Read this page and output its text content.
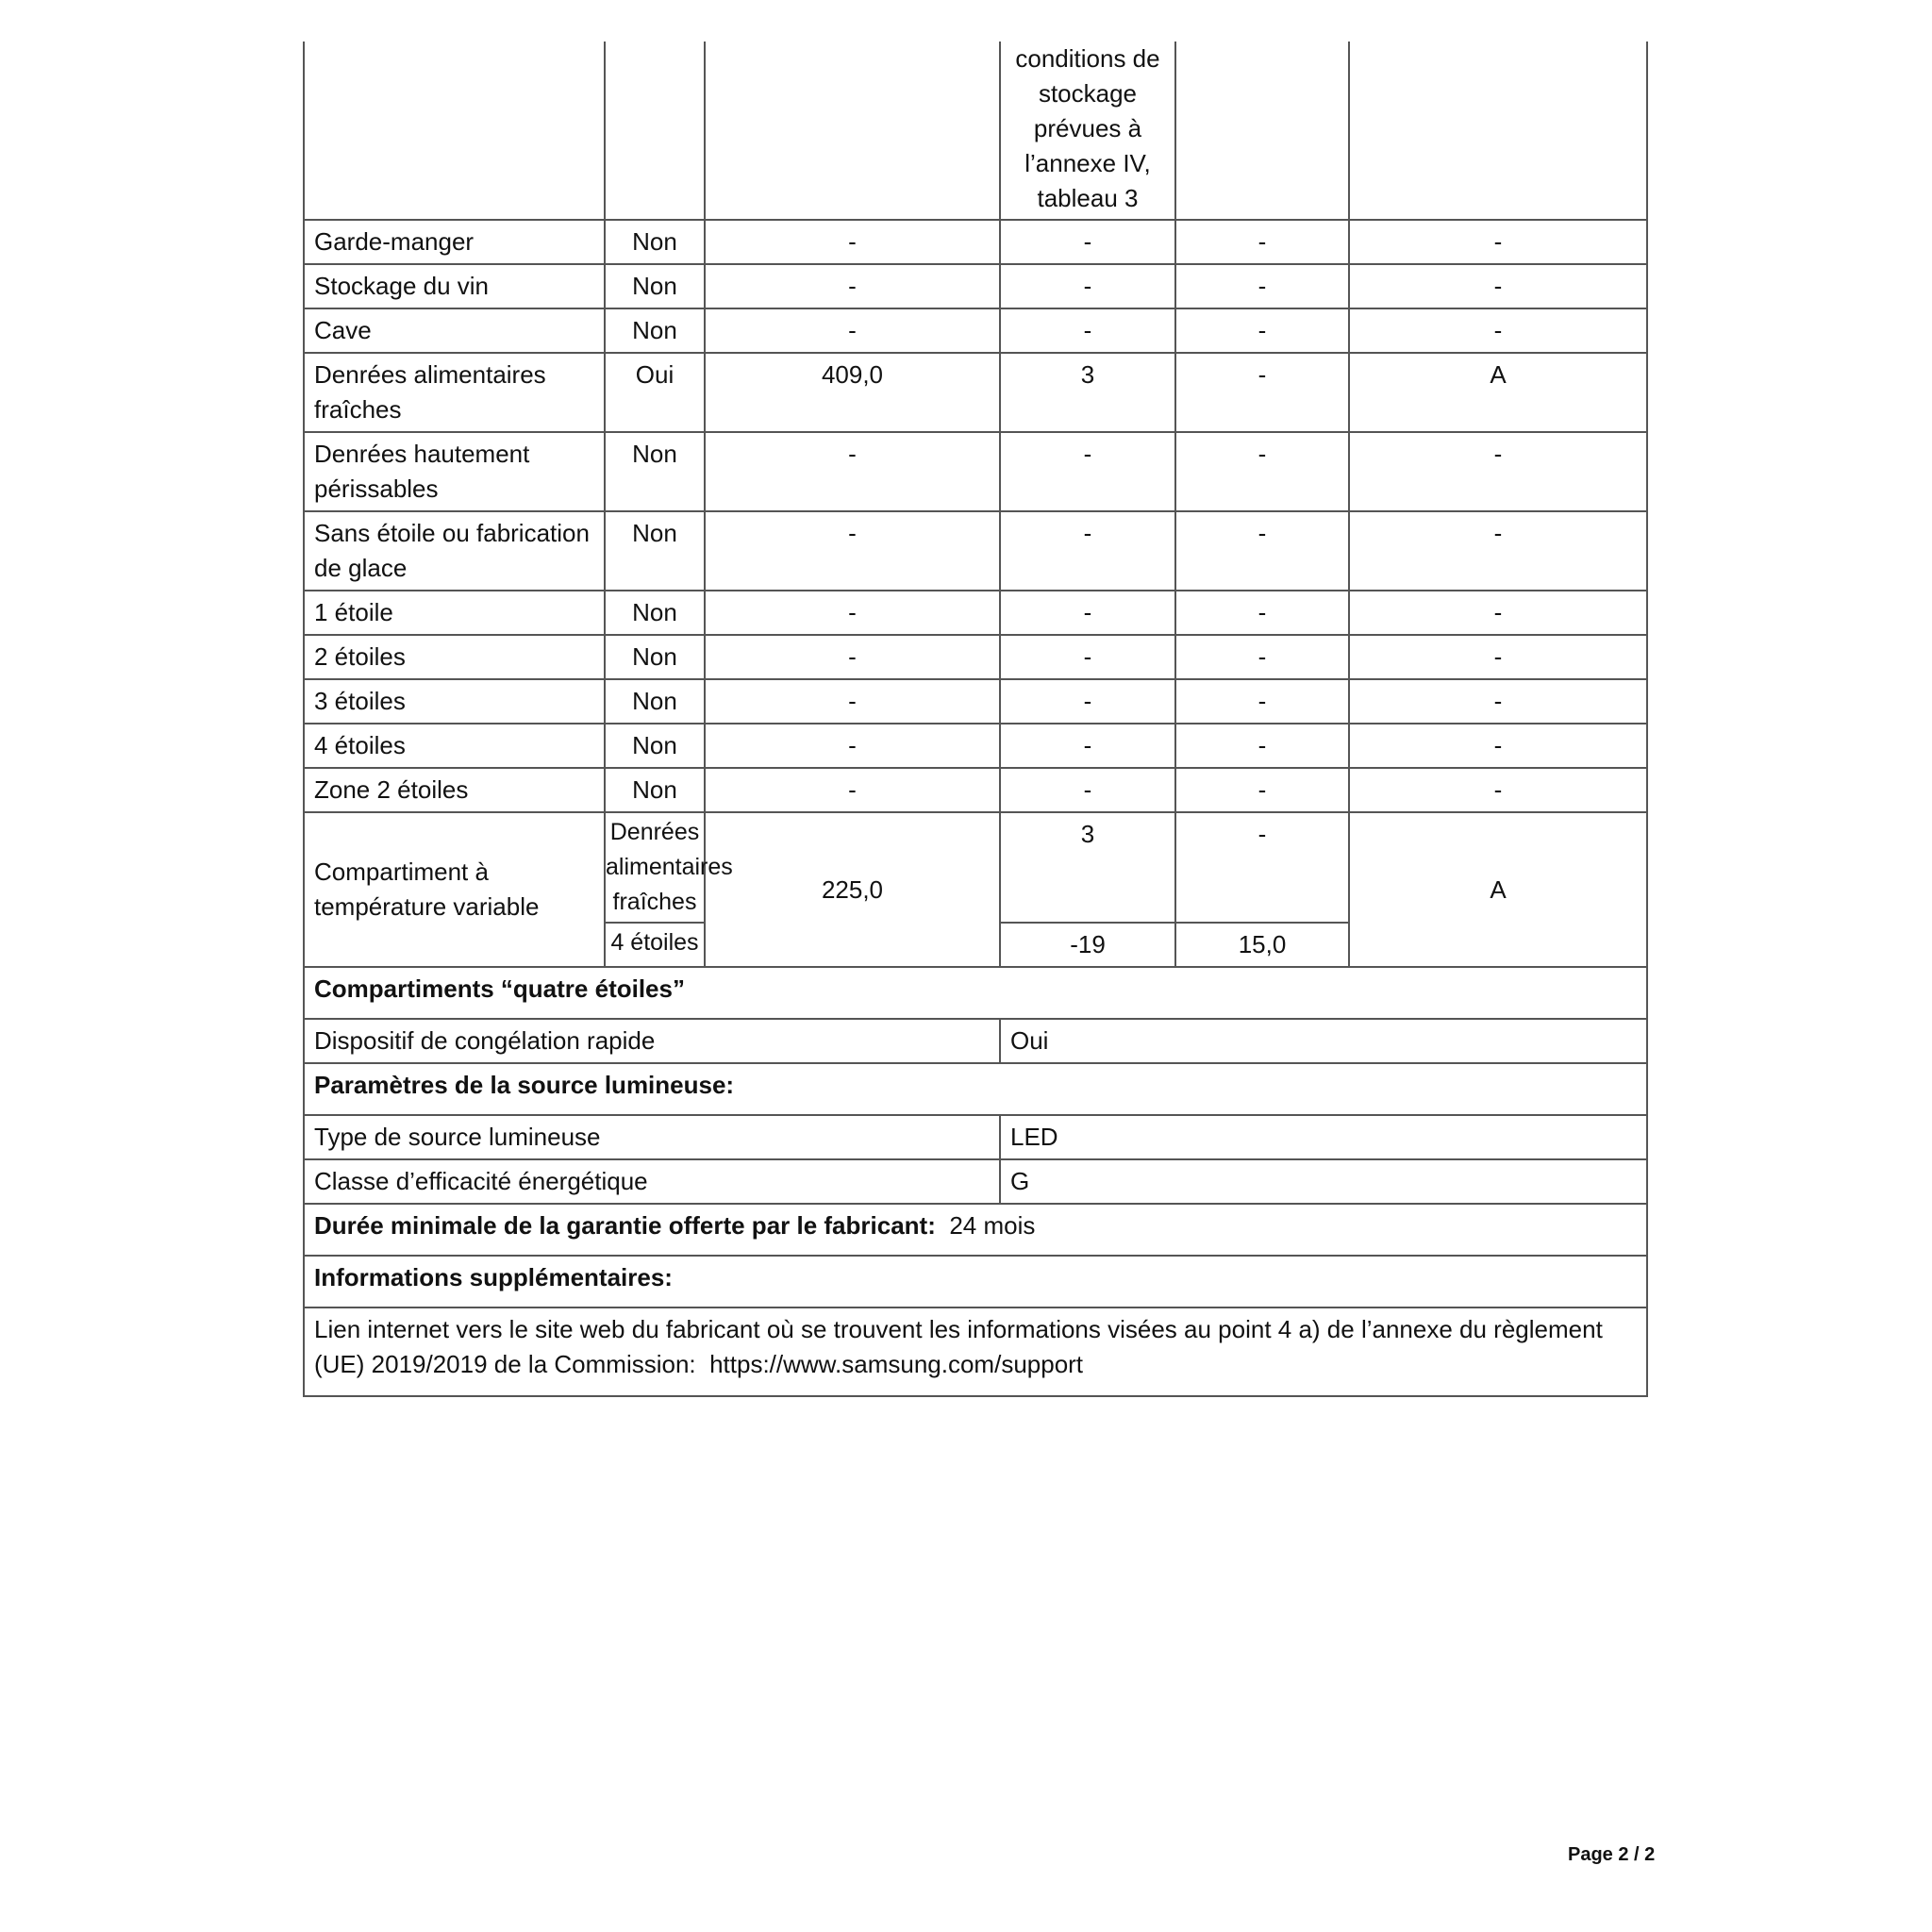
			conditions de stockage prévues à l’annexe IV, tableau 3		
Garde-manger	Non	-	-	-	-
Stockage du vin	Non	-	-	-	-
Cave	Non	-	-	-	-
Denrées alimentaires fraîches	Oui	409,0	3	-	A
Denrées hautement périssables	Non	-	-	-	-
Sans étoile ou fabrication de glace	Non	-	-	-	-
1 étoile	Non	-	-	-	-
2 étoiles	Non	-	-	-	-
3 étoiles	Non	-	-	-	-
4 étoiles	Non	-	-	-	-
Zone 2 étoiles	Non	-	-	-	-
Compartiment à température variable	Denrées alimentaires fraîches	225,0	3	-	A
	4 étoiles		-19	15,0	
Compartiments “quatre étoiles”					
Dispositif de congélation rapide			Oui		
Paramètres de la source lumineuse:					
Type de source lumineuse			LED		
Classe d’efficacité énergétique			G		
Durée minimale de la garantie offerte par le fabricant: 24 mois					
Informations supplémentaires:					
Lien internet vers le site web du fabricant où se trouvent les informations visées au point 4 a) de l’annexe du règlement (UE) 2019/2019 de la Commission: https://www.samsung.com/support					
Page 2 / 2
